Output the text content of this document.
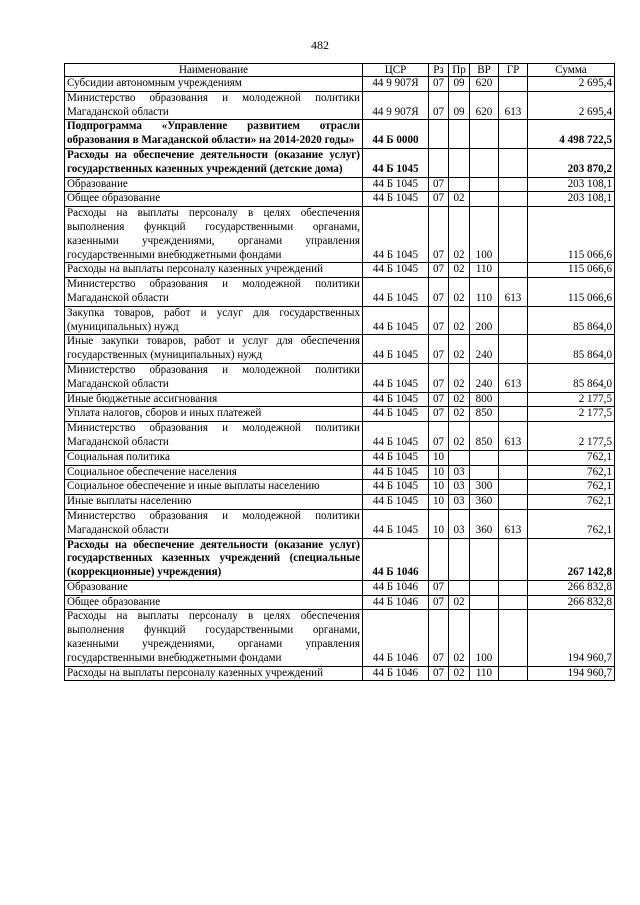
482
Наименование	ЦСР	Рз	Пр	ВР	ГР	Сумма
Субсидии автономным учреждениям	44 9 907Я	07	09	620		2 695,4
Министерство образования и молодежной политики Магаданской области	44 9 907Я	07	09	620	613	2 695,4
Подпрограмма «Управление развитием отрасли образования в Магаданской области» на 2014-2020 годы»	44 Б 0000					4 498 722,5
Расходы на обеспечение деятельности (оказание услуг) государственных казенных учреждений (детские дома)	44 Б 1045					203 870,2
Образование	44 Б 1045	07				203 108,1
Общее образование	44 Б 1045	07	02			203 108,1
Расходы на выплаты персоналу в целях обеспечения выполнения функций государственными органами, казенными учреждениями, органами управления государственными внебюджетными фондами	44 Б 1045	07	02	100		115 066,6
Расходы на выплаты персоналу казенных учреждений	44 Б 1045	07	02	110		115 066,6
Министерство образования и молодежной политики Магаданской области	44 Б 1045	07	02	110	613	115 066,6
Закупка товаров, работ и услуг для государственных (муниципальных) нужд	44 Б 1045	07	02	200		85 864,0
Иные закупки товаров, работ и услуг для обеспечения государственных (муниципальных) нужд	44 Б 1045	07	02	240		85 864,0
Министерство образования и молодежной политики Магаданской области	44 Б 1045	07	02	240	613	85 864,0
Иные бюджетные ассигнования	44 Б 1045	07	02	800		2 177,5
Уплата налогов, сборов и иных платежей	44 Б 1045	07	02	850		2 177,5
Министерство образования и молодежной политики Магаданской области	44 Б 1045	07	02	850	613	2 177,5
Социальная политика	44 Б 1045	10				762,1
Социальное обеспечение населения	44 Б 1045	10	03			762,1
Социальное обеспечение и иные выплаты населению	44 Б 1045	10	03	300		762,1
Иные выплаты населению	44 Б 1045	10	03	360		762,1
Министерство образования и молодежной политики Магаданской области	44 Б 1045	10	03	360	613	762,1
Расходы на обеспечение деятельности (оказание услуг) государственных казенных учреждений (специальные (коррекционные) учреждения)	44 Б 1046					267 142,8
Образование	44 Б 1046	07				266 832,8
Общее образование	44 Б 1046	07	02			266 832,8
Расходы на выплаты персоналу в целях обеспечения выполнения функций государственными органами, казенными учреждениями, органами управления государственными внебюджетными фондами	44 Б 1046	07	02	100		194 960,7
Расходы на выплаты персоналу казенных учреждений	44 Б 1046	07	02	110		194 960,7
